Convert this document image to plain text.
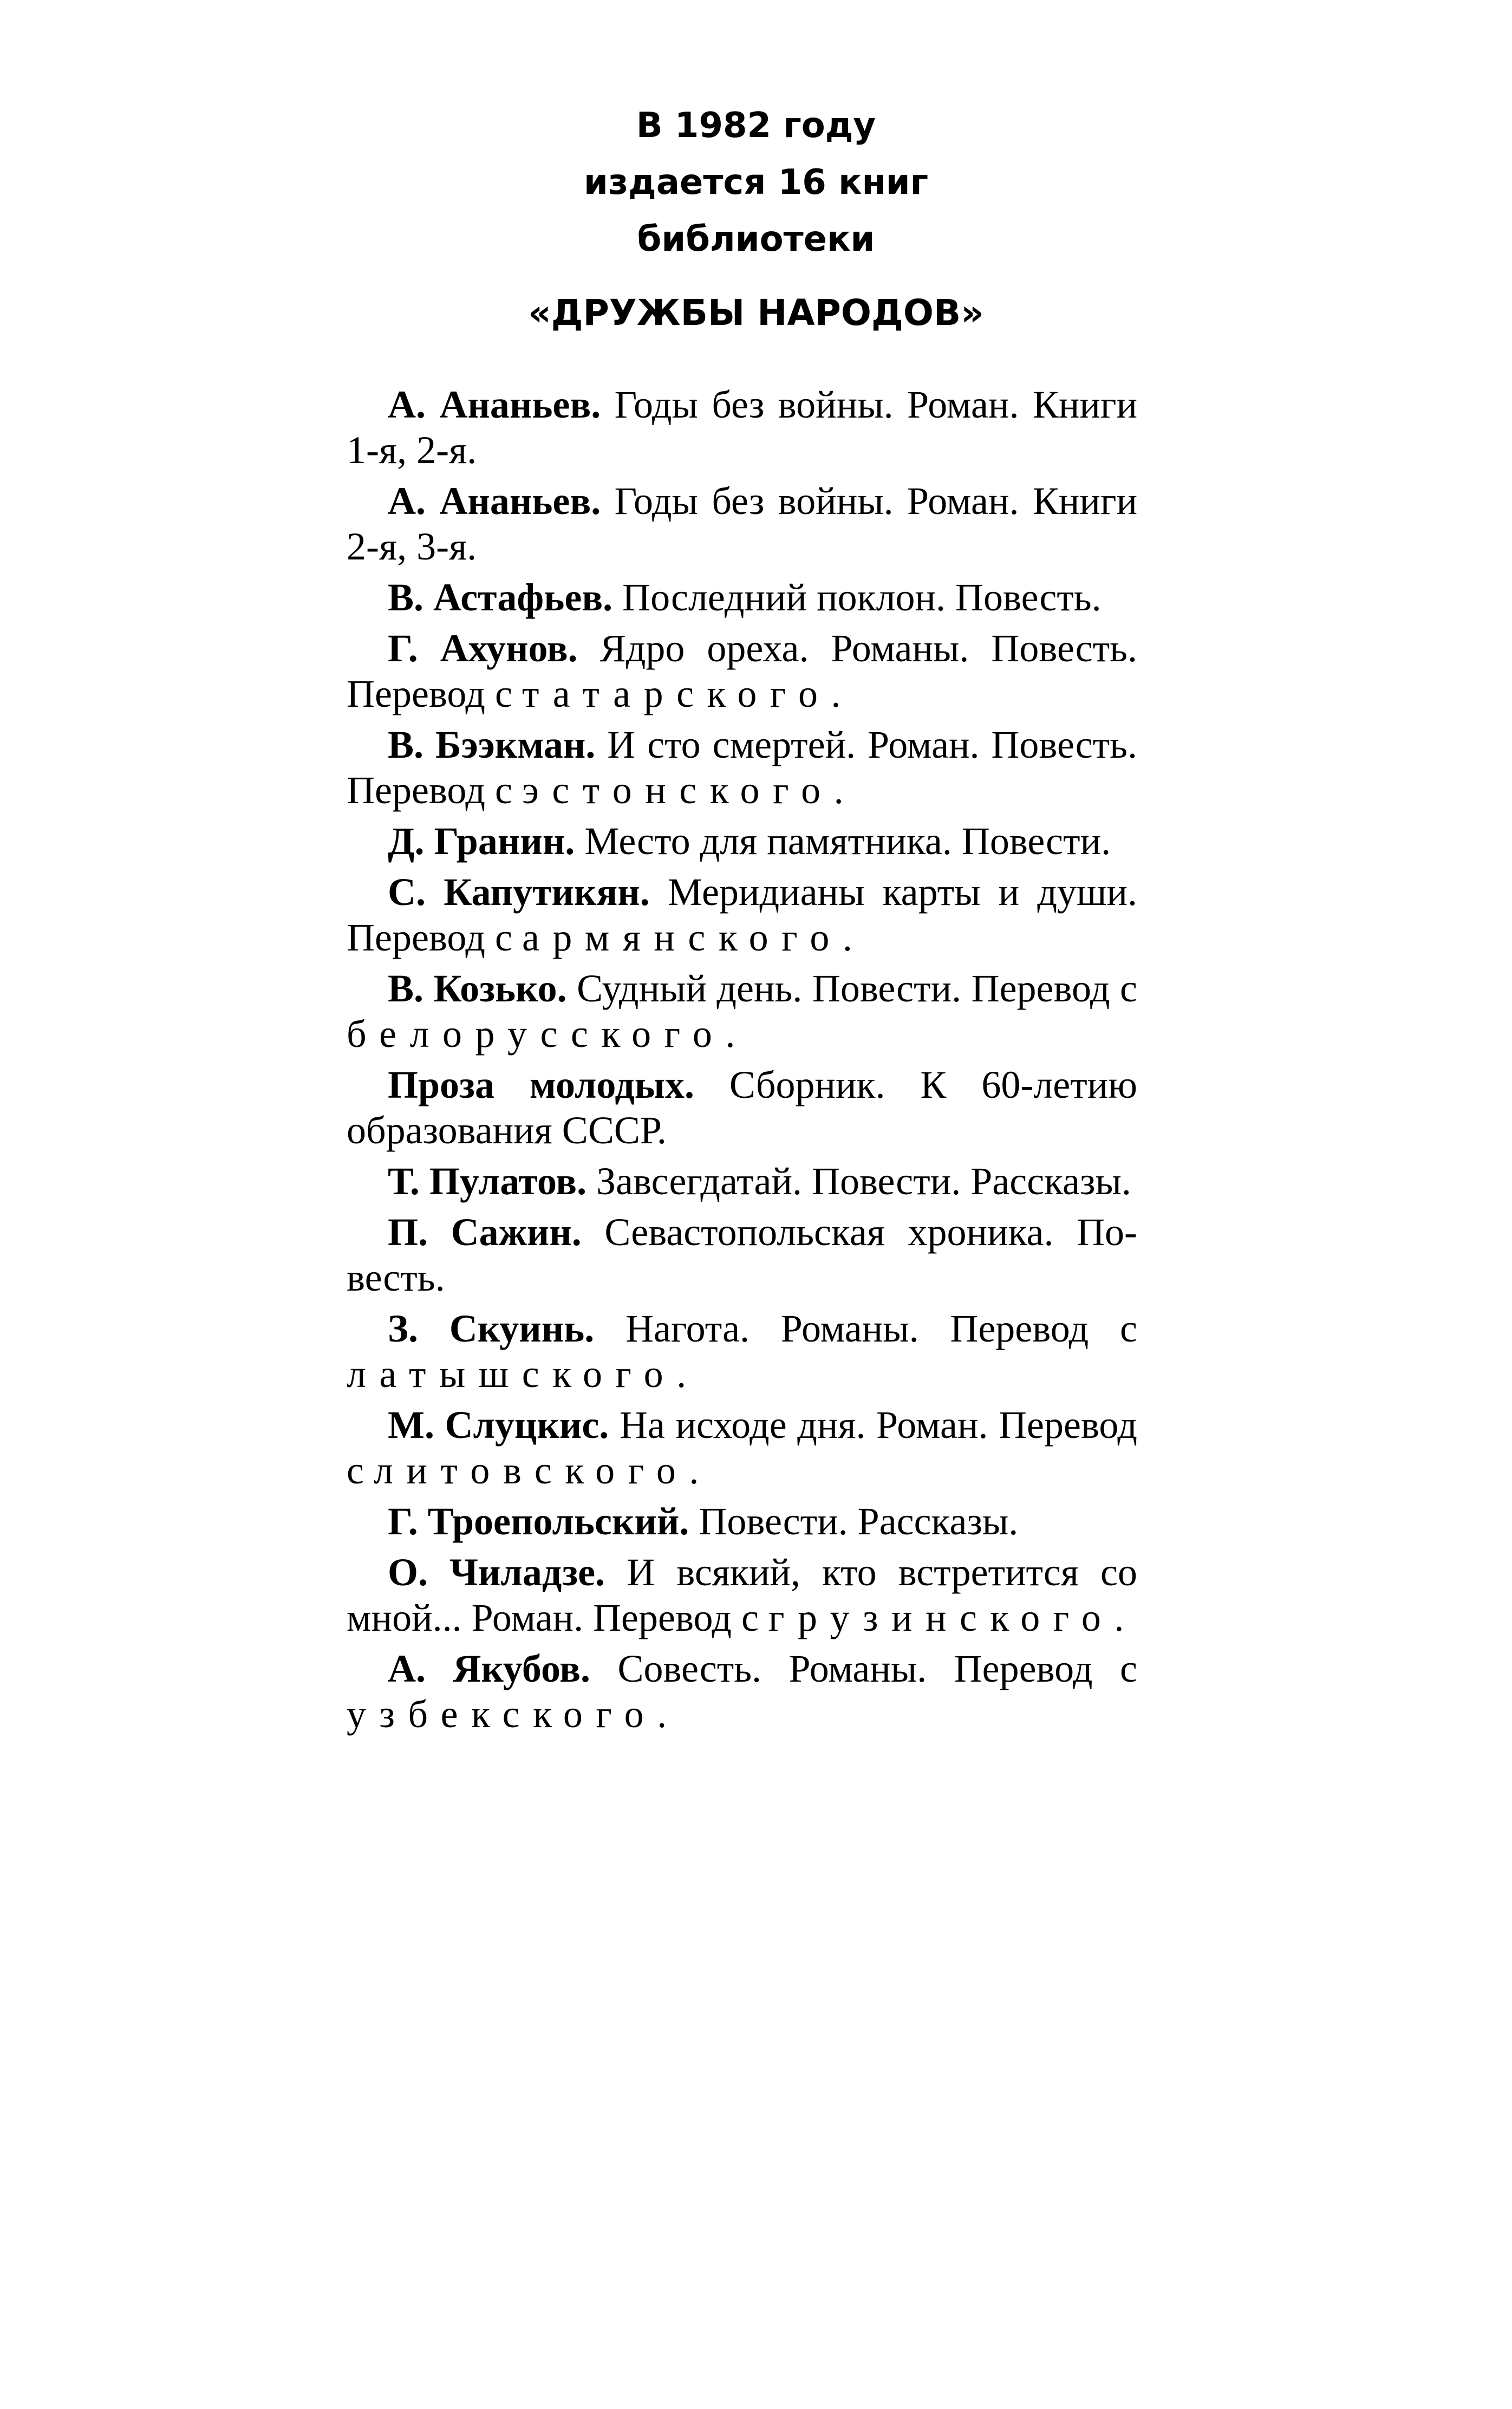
В 1982 году
издается 16 книг
библиотеки
«ДРУЖБЫ НАРОДОВ»

А. Ананьев. Годы без войны. Роман. Книги 1-я, 2-я.

А. Ананьев. Годы без войны. Роман. Книги 2-я, 3-я.

В. Астафьев. Последний поклон. Повесть.

Г. Ахунов. Ядро ореха. Романы. Повесть. Перевод с татарского.

В. Бээкман. И сто смертей. Роман. Повесть. Перевод с эстонского.

Д. Гранин. Место для памятника. Повести.

С. Капутикян. Меридианы карты и души. Перевод с армянского.

В. Козько. Судный день. Повести. Перевод с белорусского.

Проза молодых. Сборник. К 60-летию образования СССР.

Т. Пулатов. Завсегдатай. Повести. Рассказы.

П. Сажин. Севастопольская хроника. Повесть.

З. Скуинь. Нагота. Романы. Перевод с латышского.

М. Слуцкис. На исходе дня. Роман. Перевод с литовского.

Г. Троепольский. Повести. Рассказы.

О. Чиладзе. И всякий, кто встретится со мной... Роман. Перевод с грузинского.

А. Якубов. Совесть. Романы. Перевод с узбекского.
